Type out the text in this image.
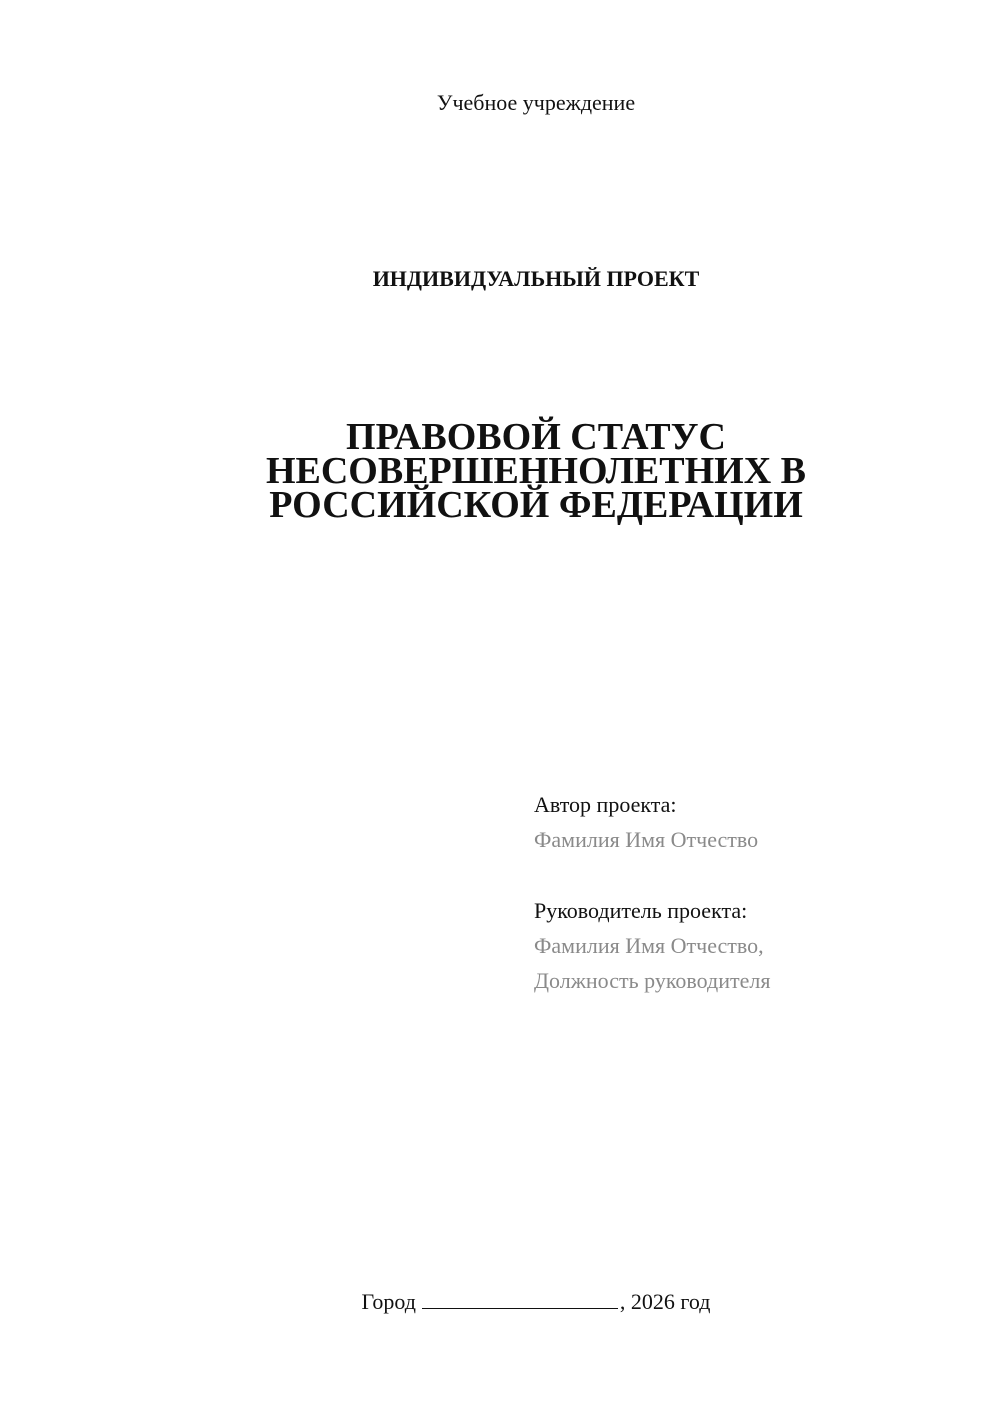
Учебное учреждение
ИНДИВИДУАЛЬНЫЙ ПРОЕКТ
ПРАВОВОЙ СТАТУС
НЕСОВЕРШЕННОЛЕТНИХ В
РОССИЙСКОЙ ФЕДЕРАЦИИ
Автор проекта:
Фамилия Имя Отчество
Руководитель проекта:
Фамилия Имя Отчество,
Должность руководителя
Город	, 2026 год
